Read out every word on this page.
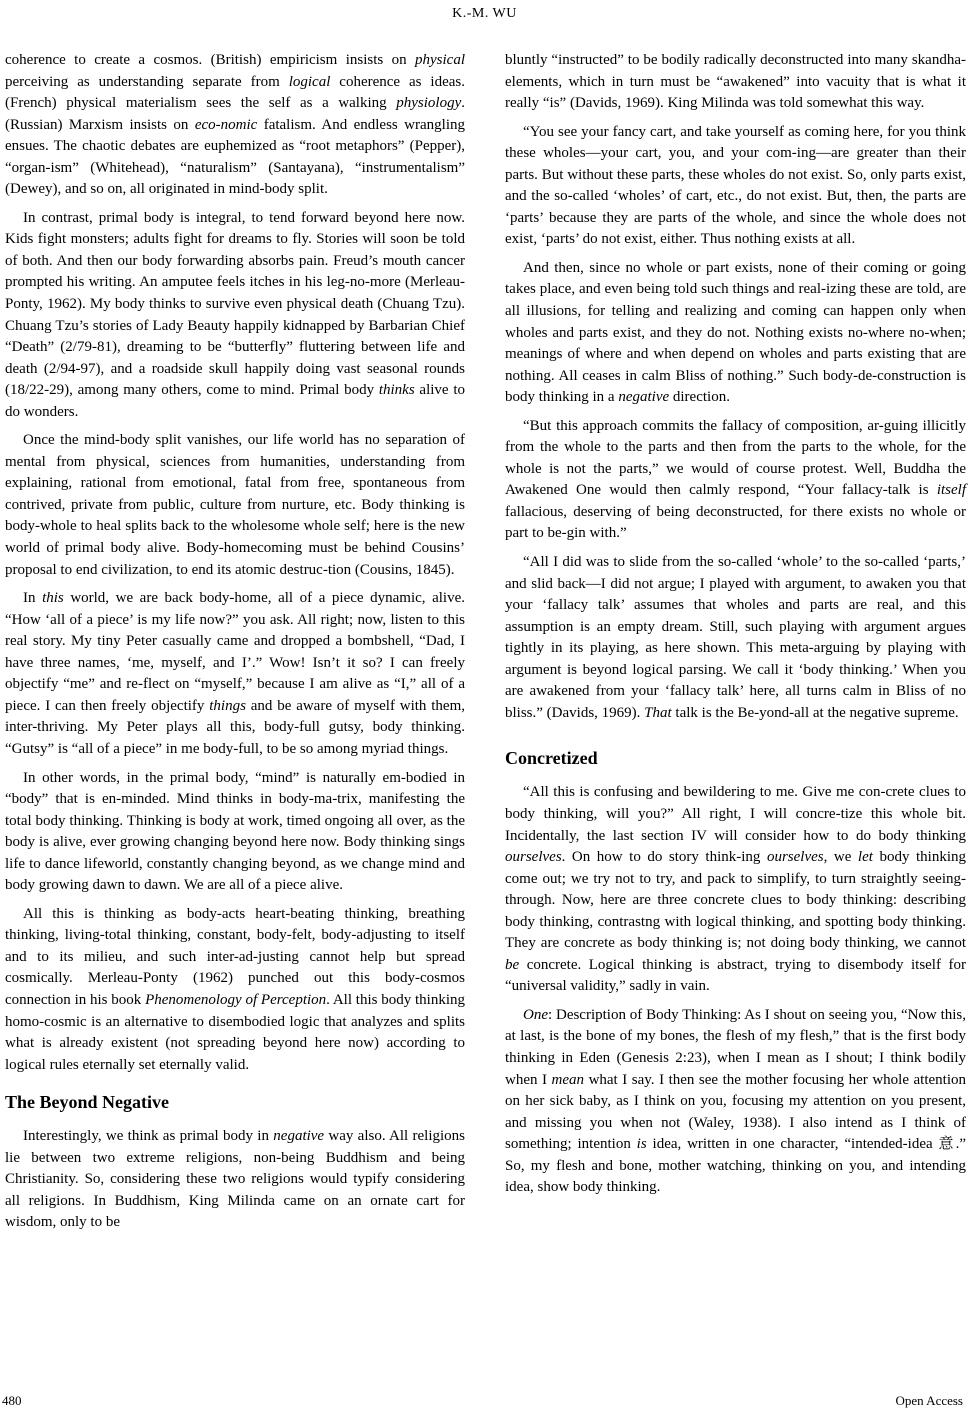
K.-M. WU

coherence to create a cosmos. (British) empiricism insists on physical perceiving as understanding separate from logical coherence as ideas. (French) physical materialism sees the self as a walking physiology. (Russian) Marxism insists on eco-nomic fatalism. And endless wrangling ensues. The chaotic debates are euphemized as “root metaphors” (Pepper), “organ-ism” (Whitehead), “naturalism” (Santayana), “instrumentalism” (Dewey), and so on, all originated in mind-body split.

In contrast, primal body is integral, to tend forward beyond here now. Kids fight monsters; adults fight for dreams to fly. Stories will soon be told of both. And then our body forwarding absorbs pain. Freud’s mouth cancer prompted his writing. An amputee feels itches in his leg-no-more (Merleau-Ponty, 1962). My body thinks to survive even physical death (Chuang Tzu). Chuang Tzu’s stories of Lady Beauty happily kidnapped by Barbarian Chief “Death” (2/79-81), dreaming to be “butterfly” fluttering between life and death (2/94-97), and a roadside skull happily doing vast seasonal rounds (18/22-29), among many others, come to mind. Primal body thinks alive to do wonders.

Once the mind-body split vanishes, our life world has no separation of mental from physical, sciences from humanities, understanding from explaining, rational from emotional, fatal from free, spontaneous from contrived, private from public, culture from nurture, etc. Body thinking is body-whole to heal splits back to the wholesome whole self; here is the new world of primal body alive. Body-homecoming must be behind Cousins’ proposal to end civilization, to end its atomic destruc-tion (Cousins, 1845).

In this world, we are back body-home, all of a piece dynamic, alive. “How ‘all of a piece’ is my life now?” you ask. All right; now, listen to this real story. My tiny Peter casually came and dropped a bombshell, “Dad, I have three names, ‘me, myself, and I’.” Wow! Isn’t it so? I can freely objectify “me” and re-flect on “myself,” because I am alive as “I,” all of a piece. I can then freely objectify things and be aware of myself with them, inter-thriving. My Peter plays all this, body-full gutsy, body thinking. “Gutsy” is “all of a piece” in me body-full, to be so among myriad things.

In other words, in the primal body, “mind” is naturally em-bodied in “body” that is en-minded. Mind thinks in body-ma-trix, manifesting the total body thinking. Thinking is body at work, timed ongoing all over, as the body is alive, ever growing changing beyond here now. Body thinking sings life to dance lifeworld, constantly changing beyond, as we change mind and body growing dawn to dawn. We are all of a piece alive.

All this is thinking as body-acts heart-beating thinking, breathing thinking, living-total thinking, constant, body-felt, body-adjusting to itself and to its milieu, and such inter-ad-justing cannot help but spread cosmically. Merleau-Ponty (1962) punched out this body-cosmos connection in his book Phenomenology of Perception. All this body thinking homo-cosmic is an alternative to disembodied logic that analyzes and splits what is already existent (not spreading beyond here now) according to logical rules eternally set eternally valid.

The Beyond Negative

Interestingly, we think as primal body in negative way also. All religions lie between two extreme religions, non-being Buddhism and being Christianity. So, considering these two religions would typify considering all religions. In Buddhism, King Milinda came on an ornate cart for wisdom, only to be

bluntly “instructed” to be bodily radically deconstructed into many skandha-elements, which in turn must be “awakened” into vacuity that is what it really “is” (Davids, 1969). King Milinda was told somewhat this way.

“You see your fancy cart, and take yourself as coming here, for you think these wholes—your cart, you, and your com-ing—are greater than their parts. But without these parts, these wholes do not exist. So, only parts exist, and the so-called ‘wholes’ of cart, etc., do not exist. But, then, the parts are ‘parts’ because they are parts of the whole, and since the whole does not exist, ‘parts’ do not exist, either. Thus nothing exists at all.

And then, since no whole or part exists, none of their coming or going takes place, and even being told such things and real-izing these are told, are all illusions, for telling and realizing and coming can happen only when wholes and parts exist, and they do not. Nothing exists no-where no-when; meanings of where and when depend on wholes and parts existing that are nothing. All ceases in calm Bliss of nothing.” Such body-de-construction is body thinking in a negative direction.

“But this approach commits the fallacy of composition, ar-guing illicitly from the whole to the parts and then from the parts to the whole, for the whole is not the parts,” we would of course protest. Well, Buddha the Awakened One would then calmly respond, “Your fallacy-talk is itself fallacious, deserving of being deconstructed, for there exists no whole or part to be-gin with.”

“All I did was to slide from the so-called ‘whole’ to the so-called ‘parts,’ and slid back—I did not argue; I played with argument, to awaken you that your ‘fallacy talk’ assumes that wholes and parts are real, and this assumption is an empty dream. Still, such playing with argument argues tightly in its playing, as here shown. This meta-arguing by playing with argument is beyond logical parsing. We call it ‘body thinking.’ When you are awakened from your ‘fallacy talk’ here, all turns calm in Bliss of no bliss.” (Davids, 1969). That talk is the Be-yond-all at the negative supreme.

Concretized

“All this is confusing and bewildering to me. Give me con-crete clues to body thinking, will you?” All right, I will concre-tize this whole bit. Incidentally, the last section IV will consider how to do body thinking ourselves. On how to do story think-ing ourselves, we let body thinking come out; we try not to try, and pack to simplify, to turn straightly seeing-through. Now, here are three concrete clues to body thinking: describing body thinking, contrastng with logical thinking, and spotting body thinking. They are concrete as body thinking is; not doing body thinking, we cannot be concrete. Logical thinking is abstract, trying to disembody itself for “universal validity,” sadly in vain.

One: Description of Body Thinking: As I shout on seeing you, “Now this, at last, is the bone of my bones, the flesh of my flesh,” that is the first body thinking in Eden (Genesis 2:23), when I mean as I shout; I think bodily when I mean what I say. I then see the mother focusing her whole attention on her sick baby, as I think on you, focusing my attention on you present, and missing you when not (Waley, 1938). I also intend as I think of something; intention is idea, written in one character, “intended-idea 意.” So, my flesh and bone, mother watching, thinking on you, and intending idea, show body thinking.

480	Open Access
